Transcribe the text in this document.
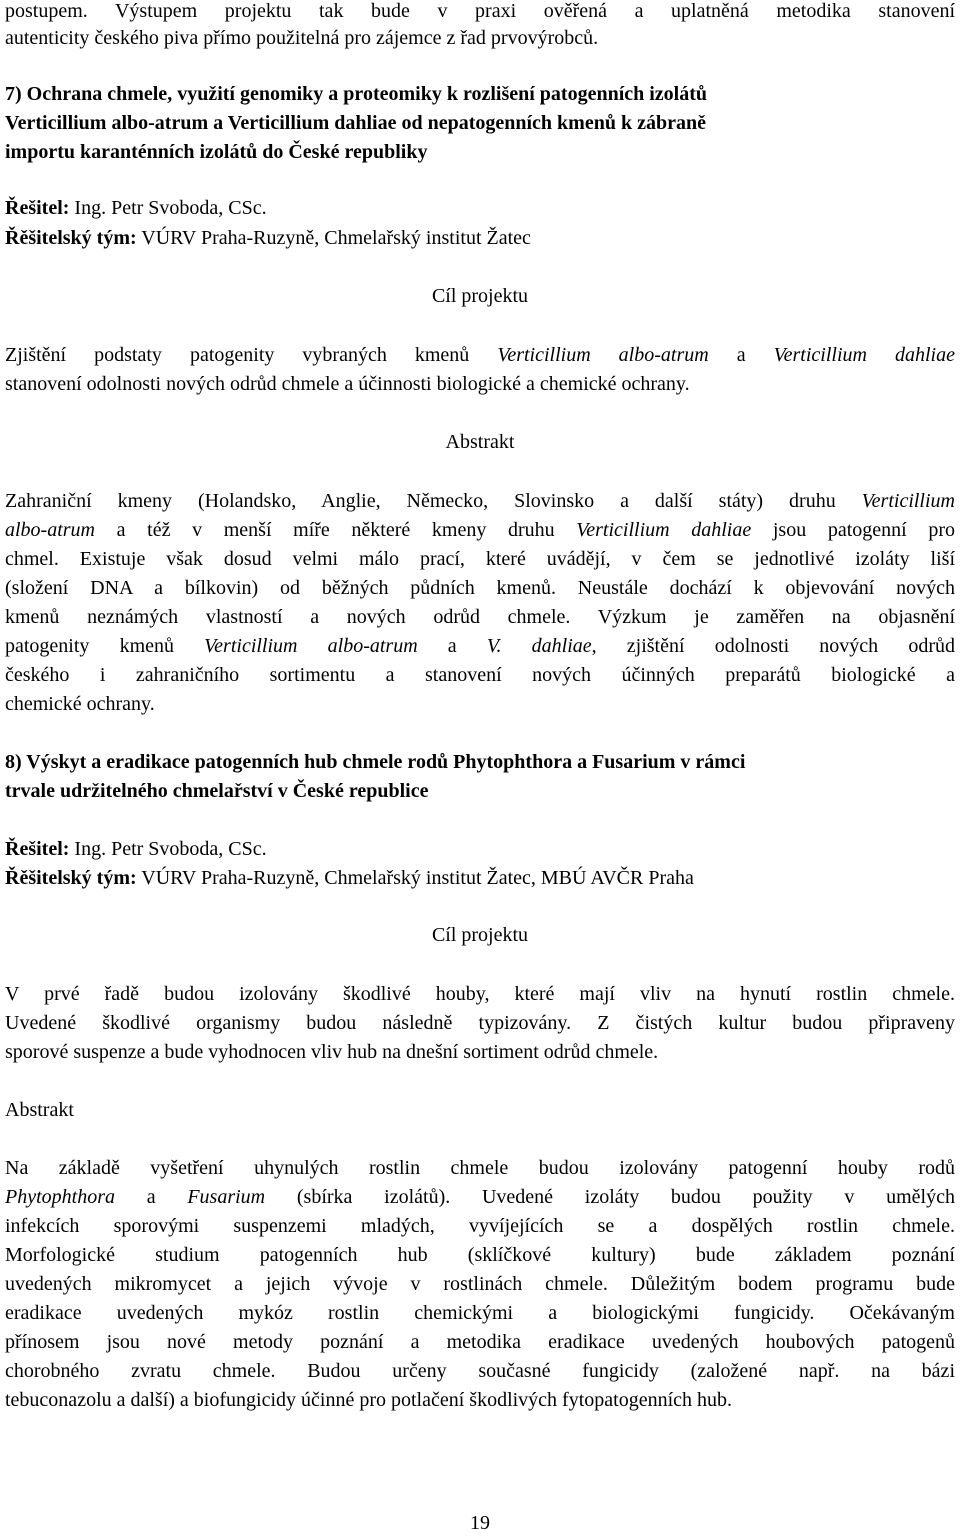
postupem. Výstupem projektu tak bude v praxi ověřená a uplatněná metodika stanovení

autenticity českého piva přímo použitelná pro zájemce z řad prvovýrobců.

7) Ochrana chmele, využití genomiky a proteomiky k rozlišení patogenních izolátů

Verticillium albo-atrum a Verticillium dahliae od nepatogenních kmenů k zábraně

importu karanténních izolátů do České republiky

Řešitel: Ing. Petr Svoboda, CSc.

Řěšitelský tým: VÚRV Praha-Ruzyně, Chmelařský institut Žatec

Cíl projektu

Zjištění podstaty patogenity vybraných kmenů Verticillium albo-atrum a Verticillium dahliae

stanovení odolnosti nových odrůd chmele a účinnosti biologické a chemické ochrany.

Abstrakt

Zahraniční kmeny (Holandsko, Anglie, Německo, Slovinsko a další státy) druhu Verticillium

albo-atrum a též v menší míře některé kmeny druhu Verticillium dahliae jsou patogenní pro

chmel. Existuje však dosud velmi málo prací, které uvádějí, v čem se jednotlivé izoláty liší

(složení DNA a bílkovin) od běžných půdních kmenů. Neustále dochází k objevování nových

kmenů neznámých vlastností a nových odrůd chmele. Výzkum je zaměřen na objasnění

patogenity kmenů Verticillium albo-atrum a V. dahliae, zjištění odolnosti nových odrůd

českého i zahraničního sortimentu a stanovení nových účinných preparátů biologické a

chemické ochrany.

8) Výskyt a eradikace patogenních hub chmele rodů Phytophthora a Fusarium v rámci

trvale udržitelného chmelařství v České republice

Řešitel: Ing. Petr Svoboda, CSc.

Řěšitelský tým: VÚRV Praha-Ruzyně, Chmelařský institut Žatec, MBÚ AVČR Praha

Cíl projektu

V prvé řadě budou izolovány škodlivé houby, které mají vliv na hynutí rostlin chmele.

Uvedené škodlivé organismy budou následně typizovány. Z čistých kultur budou připraveny

sporové suspenze a bude vyhodnocen vliv hub na dnešní sortiment odrůd chmele.

Abstrakt

Na základě vyšetření uhynulých rostlin chmele budou izolovány patogenní houby rodů

Phytophthora a Fusarium (sbírka izolátů). Uvedené izoláty budou použity v umělých

infekcích sporovými suspenzemi mladých, vyvíjejících se a dospělých rostlin chmele.

Morfologické studium patogenních hub (sklíčkové kultury) bude základem poznání

uvedených mikromycet a jejich vývoje v rostlinách chmele. Důležitým bodem programu bude

eradikace uvedených mykóz rostlin chemickými a biologickými fungicidy. Očekávaným

přínosem jsou nové metody poznání a metodika eradikace uvedených houbových patogenů

chorobného zvratu chmele. Budou určeny současné fungicidy (založené např. na bázi

tebuconazolu a další) a biofungicidy účinné pro potlačení škodlivých fytopatogenních hub.

19
